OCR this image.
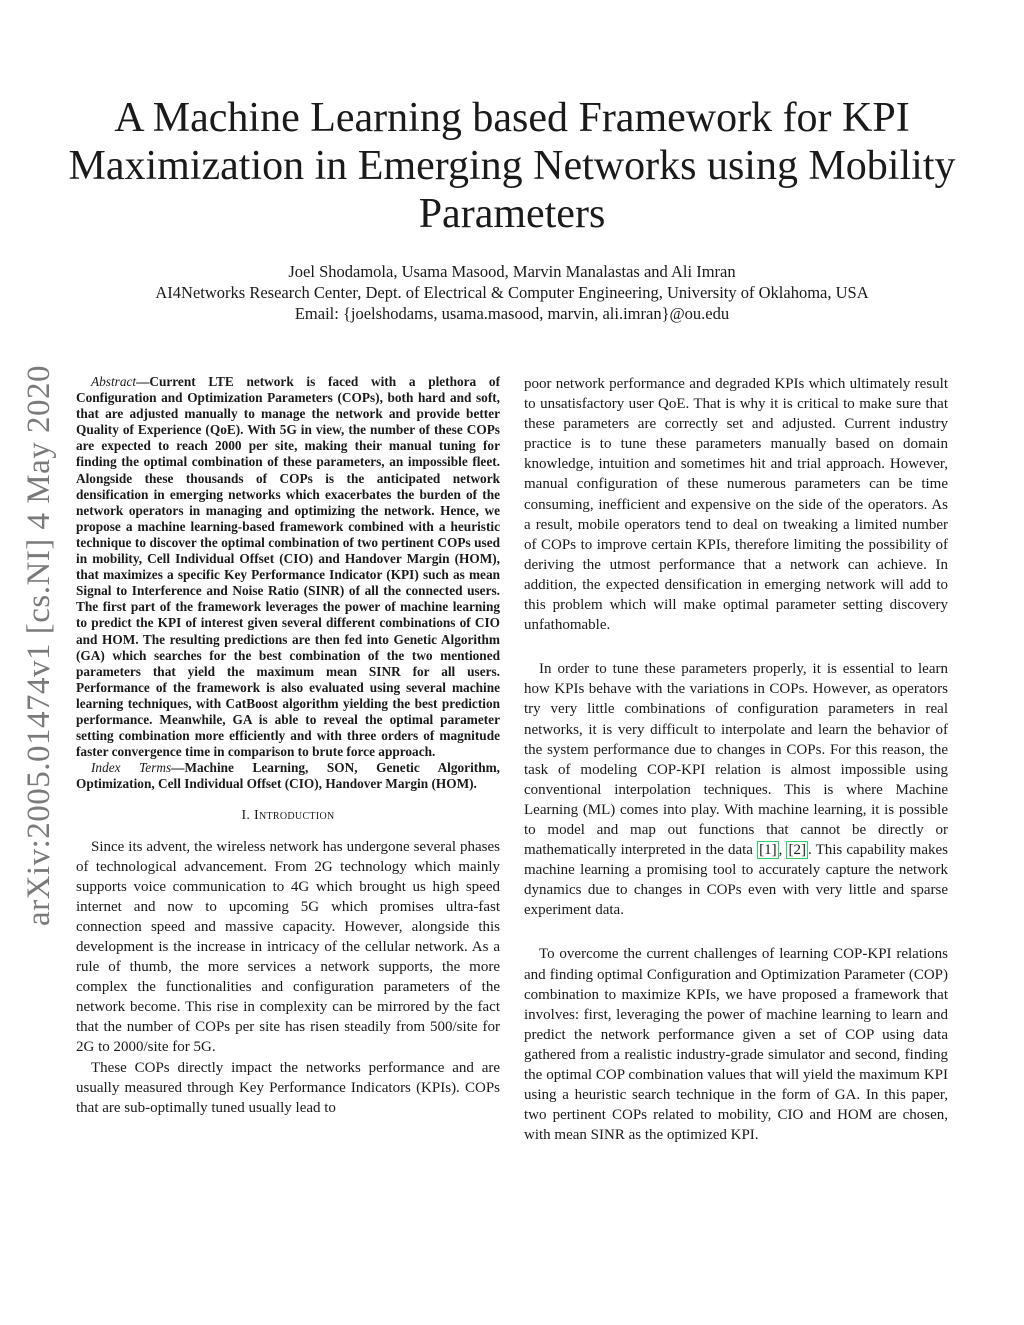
arXiv:2005.01474v1 [cs.NI] 4 May 2020
A Machine Learning based Framework for KPI Maximization in Emerging Networks using Mobility Parameters
Joel Shodamola, Usama Masood, Marvin Manalastas and Ali Imran
AI4Networks Research Center, Dept. of Electrical & Computer Engineering, University of Oklahoma, USA
Email: {joelshodams, usama.masood, marvin, ali.imran}@ou.edu

Abstract—Current LTE network is faced with a plethora of Configuration and Optimization Parameters (COPs), both hard and soft, that are adjusted manually to manage the network and provide better Quality of Experience (QoE). With 5G in view, the number of these COPs are expected to reach 2000 per site, making their manual tuning for finding the optimal combination of these parameters, an impossible fleet. Alongside these thousands of COPs is the anticipated network densification in emerging networks which exacerbates the burden of the network operators in managing and optimizing the network. Hence, we propose a machine learning-based framework combined with a heuristic technique to discover the optimal combination of two pertinent COPs used in mobility, Cell Individual Offset (CIO) and Handover Margin (HOM), that maximizes a specific Key Performance Indicator (KPI) such as mean Signal to Interference and Noise Ratio (SINR) of all the connected users. The first part of the framework leverages the power of machine learning to predict the KPI of interest given several different combinations of CIO and HOM. The resulting predictions are then fed into Genetic Algorithm (GA) which searches for the best combination of the two mentioned parameters that yield the maximum mean SINR for all users. Performance of the framework is also evaluated using several machine learning techniques, with CatBoost algorithm yielding the best prediction performance. Meanwhile, GA is able to reveal the optimal parameter setting combination more efficiently and with three orders of magnitude faster convergence time in comparison to brute force approach.

Index Terms—Machine Learning, SON, Genetic Algorithm, Optimization, Cell Individual Offset (CIO), Handover Margin (HOM).

I. Introduction

Since its advent, the wireless network has undergone several phases of technological advancement. From 2G technology which mainly supports voice communication to 4G which brought us high speed internet and now to upcoming 5G which promises ultra-fast connection speed and massive capacity. However, alongside this development is the increase in intricacy of the cellular network. As a rule of thumb, the more services a network supports, the more complex the functionalities and configuration parameters of the network become. This rise in complexity can be mirrored by the fact that the number of COPs per site has risen steadily from 500/site for 2G to 2000/site for 5G.

These COPs directly impact the networks performance and are usually measured through Key Performance Indicators (KPIs). COPs that are sub-optimally tuned usually lead to

poor network performance and degraded KPIs which ultimately result to unsatisfactory user QoE. That is why it is critical to make sure that these parameters are correctly set and adjusted. Current industry practice is to tune these parameters manually based on domain knowledge, intuition and sometimes hit and trial approach. However, manual configuration of these numerous parameters can be time consuming, inefficient and expensive on the side of the operators. As a result, mobile operators tend to deal on tweaking a limited number of COPs to improve certain KPIs, therefore limiting the possibility of deriving the utmost performance that a network can achieve. In addition, the expected densification in emerging network will add to this problem which will make optimal parameter setting discovery unfathomable.

In order to tune these parameters properly, it is essential to learn how KPIs behave with the variations in COPs. However, as operators try very little combinations of configuration parameters in real networks, it is very difficult to interpolate and learn the behavior of the system performance due to changes in COPs. For this reason, the task of modeling COP-KPI relation is almost impossible using conventional interpolation techniques. This is where Machine Learning (ML) comes into play. With machine learning, it is possible to model and map out functions that cannot be directly or mathematically interpreted in the data [1] , [2] . This capability makes machine learning a promising tool to accurately capture the network dynamics due to changes in COPs even with very little and sparse experiment data.

To overcome the current challenges of learning COP-KPI relations and finding optimal Configuration and Optimization Parameter (COP) combination to maximize KPIs, we have proposed a framework that involves: first, leveraging the power of machine learning to learn and predict the network performance given a set of COP using data gathered from a realistic industry-grade simulator and second, finding the optimal COP combination values that will yield the maximum KPI using a heuristic search technique in the form of GA. In this paper, two pertinent COPs related to mobility, CIO and HOM are chosen, with mean SINR as the optimized KPI.
